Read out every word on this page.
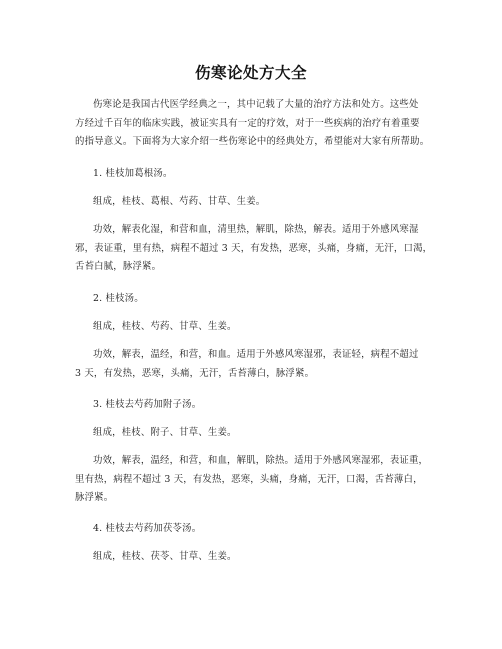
伤寒论处方大全
伤寒论是我国古代医学经典之一，其中记载了大量的治疗方法和处方。这些处
方经过千百年的临床实践，被证实具有一定的疗效，对于一些疾病的治疗有着重要
的指导意义。下面将为大家介绍一些伤寒论中的经典处方，希望能对大家有所帮助。
1. 桂枝加葛根汤。
组成，桂枝、葛根、芍药、甘草、生姜。
功效，解表化湿，和营和血，清里热，解肌，除热，解表。适用于外感风寒湿
邪，表证重，里有热，病程不超过 3 天，有发热，恶寒，头痛，身痛，无汗，口渴，
舌苔白腻，脉浮紧。
2. 桂枝汤。
组成，桂枝、芍药、甘草、生姜。
功效，解表，温经，和营，和血。适用于外感风寒湿邪，表证轻，病程不超过
3 天，有发热，恶寒，头痛，无汗，舌苔薄白，脉浮紧。
3. 桂枝去芍药加附子汤。
组成，桂枝、附子、甘草、生姜。
功效，解表，温经，和营，和血，解肌，除热。适用于外感风寒湿邪，表证重，
里有热，病程不超过 3 天，有发热，恶寒，头痛，身痛，无汗，口渴，舌苔薄白，
脉浮紧。
4. 桂枝去芍药加茯苓汤。
组成，桂枝、茯苓、甘草、生姜。
